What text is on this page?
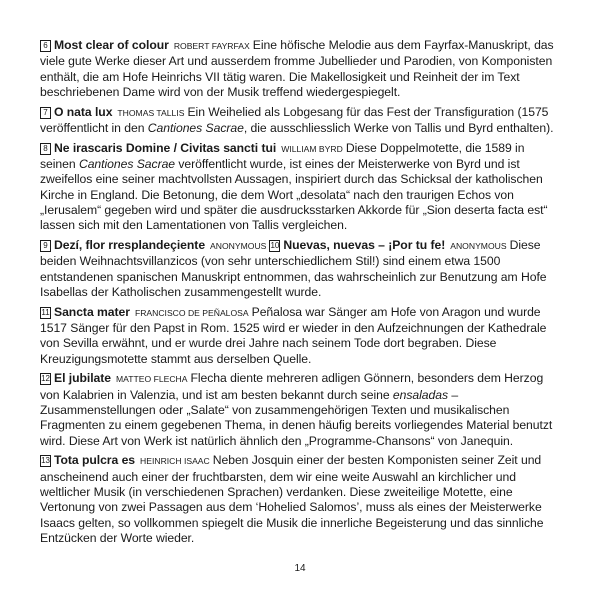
6 Most clear of colour ROBERT FAYRFAX Eine höfische Melodie aus dem Fayrfax-Manuskript, das viele gute Werke dieser Art und ausserdem fromme Jubellieder und Parodien, von Komponisten enthält, die am Hofe Heinrichs VII tätig waren. Die Makellosigkeit und Reinheit der im Text beschriebenen Dame wird von der Musik treffend wiedergespiegelt.

7 O nata lux THOMAS TALLIS Ein Weihelied als Lobgesang für das Fest der Transfiguration (1575 veröffentlicht in den Cantiones Sacrae, die ausschliesslich Werke von Tallis und Byrd enthalten).

8 Ne irascaris Domine / Civitas sancti tui WILLIAM BYRD Diese Doppelmotette, die 1589 in seinen Cantiones Sacrae veröffentlicht wurde, ist eines der Meisterwerke von Byrd und ist zweifellos eine seiner machtvollsten Aussagen, inspiriert durch das Schicksal der katholischen Kirche in England. Die Betonung, die dem Wort „desolata“ nach den traurigen Echos von „Ierusalem“ gegeben wird und später die ausdrucksstarken Akkorde für „Sion deserta facta est“ lassen sich mit den Lamentationen von Tallis vergleichen.

9 Dezí, flor rresplandeçiente ANONYMOUS 10 Nuevas, nuevas – ¡Por tu fe! ANONYMOUS Diese beiden Weihnachtsvillanzicos (von sehr unterschiedlichem Stil!) sind einem etwa 1500 entstandenen spanischen Manuskript entnommen, das wahrscheinlich zur Benutzung am Hofe Isabellas der Katholischen zusammengestellt wurde.

11 Sancta mater FRANCISCO DE PEÑALOSA Peñalosa war Sänger am Hofe von Aragon und wurde 1517 Sänger für den Papst in Rom. 1525 wird er wieder in den Aufzeichnungen der Kathedrale von Sevilla erwähnt, und er wurde drei Jahre nach seinem Tode dort begraben. Diese Kreuzigungsmotette stammt aus derselben Quelle.

12 El jubilate MATTEO FLECHA Flecha diente mehreren adligen Gönnern, besonders dem Herzog von Kalabrien in Valenzia, und ist am besten bekannt durch seine ensaladas – Zusammenstellungen oder „Salate“ von zusammengehörigen Texten und musikalischen Fragmenten zu einem gegebenen Thema, in denen häufig bereits vorliegendes Material benutzt wird. Diese Art von Werk ist natürlich ähnlich den „Programme-Chansons“ von Janequin.

13 Tota pulcra es HEINRICH ISAAC Neben Josquin einer der besten Komponisten seiner Zeit und anscheinend auch einer der fruchtbarsten, dem wir eine weite Auswahl an kirchlicher und weltlicher Musik (in verschiedenen Sprachen) verdanken. Diese zweiteilige Motette, eine Vertonung von zwei Passagen aus dem ‘Hohelied Salomos’, muss als eines der Meisterwerke Isaacs gelten, so vollkommen spiegelt die Musik die innerliche Begeisterung und das sinnliche Entzücken der Worte wieder.

14
